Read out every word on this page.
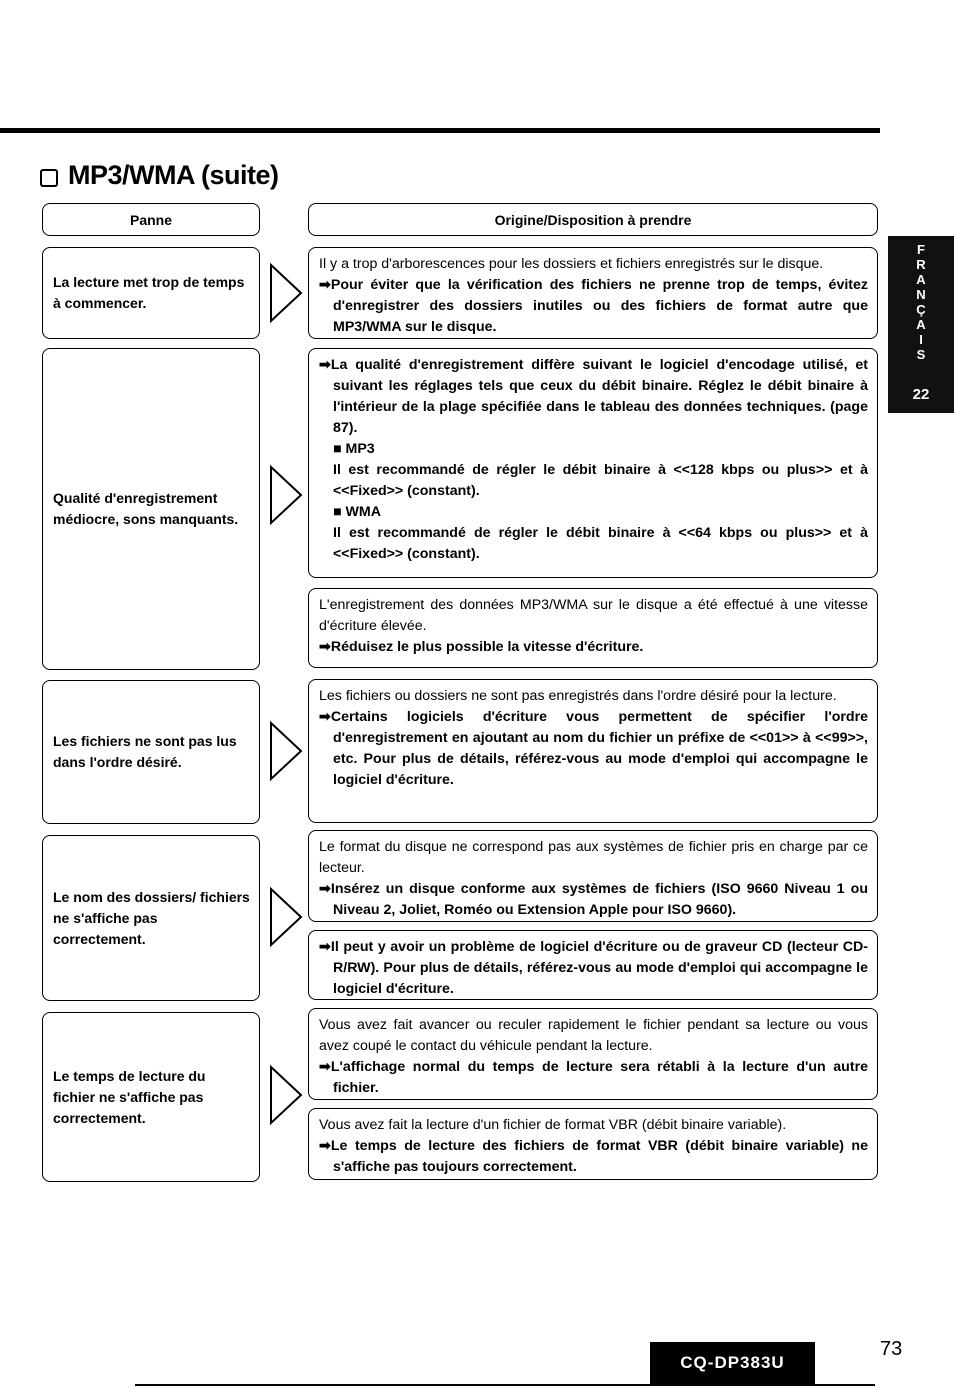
MP3/WMA (suite)
Panne	Origine/Disposition à prendre
La lecture met trop de temps à commencer.

Il y a trop d'arborescences pour les dossiers et fichiers enregistrés sur le disque.

➡Pour éviter que la vérification des fichiers ne prenne trop de temps, évitez d'enregistrer des dossiers inutiles ou des fichiers de format autre que MP3/WMA sur le disque.

Qualité d'enregistrement médiocre, sons manquants.

➡La qualité d'enregistrement diffère suivant le logiciel d'encodage utilisé, et suivant les réglages tels que ceux du débit binaire. Réglez le débit binaire à l'intérieur de la plage spécifiée dans le tableau des données techniques. (page 87).

■ MP3

Il est recommandé de régler le débit binaire à <<128 kbps ou plus>> et à <<Fixed>> (constant).

■ WMA

Il est recommandé de régler le débit binaire à <<64 kbps ou plus>> et à <<Fixed>> (constant).

L'enregistrement des données MP3/WMA sur le disque a été effectué à une vitesse d'écriture élevée.

➡Réduisez le plus possible la vitesse d'écriture.

Les fichiers ne sont pas lus dans l'ordre désiré.

Les fichiers ou dossiers ne sont pas enregistrés dans l'ordre désiré pour la lecture.

➡Certains logiciels d'écriture vous permettent de spécifier l'ordre d'enregistrement en ajoutant au nom du fichier un préfixe de <<01>> à <<99>>, etc. Pour plus de détails, référez-vous au mode d'emploi qui accompagne le logiciel d'écriture.

Le nom des dossiers/ fichiers ne s'affiche pas correctement.

Le format du disque ne correspond pas aux systèmes de fichier pris en charge par ce lecteur.

➡Insérez un disque conforme aux systèmes de fichiers (ISO 9660 Niveau 1 ou Niveau 2, Joliet, Roméo ou Extension Apple pour ISO 9660).

➡Il peut y avoir un problème de logiciel d'écriture ou de graveur CD (lecteur CD-R/RW). Pour plus de détails, référez-vous au mode d'emploi qui accompagne le logiciel d'écriture.

Le temps de lecture du fichier ne s'affiche pas correctement.

Vous avez fait avancer ou reculer rapidement le fichier pendant sa lecture ou vous avez coupé le contact du véhicule pendant la lecture.

➡L'affichage normal du temps de lecture sera rétabli à la lecture d'un autre fichier.

Vous avez fait la lecture d'un fichier de format VBR (débit binaire variable).

➡Le temps de lecture des fichiers de format VBR (débit binaire variable) ne s'affiche pas toujours correctement.

F
R
A
N
Ç
A
I
S
22
CQ-DP383U
73
